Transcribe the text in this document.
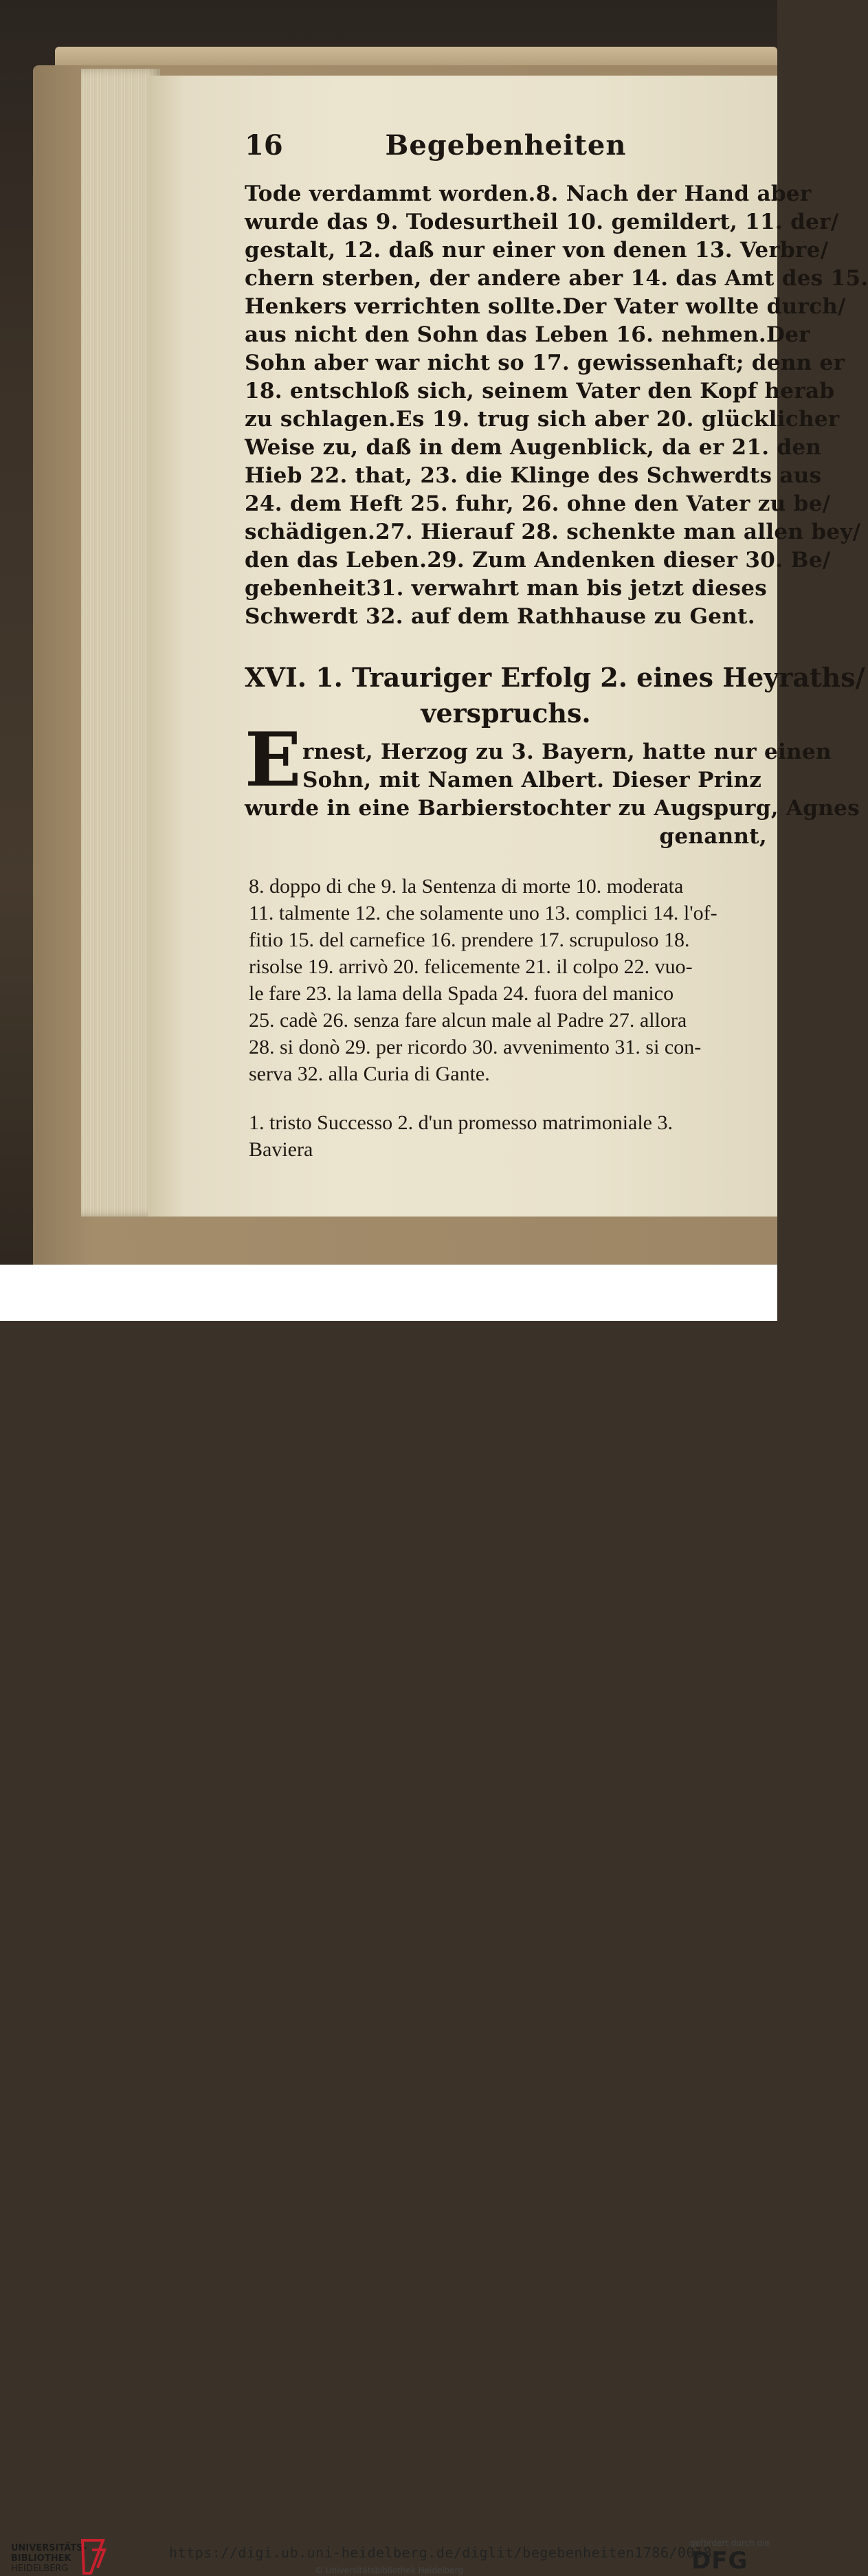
Begebenheiten
16
Tode verdammt worden. 8. Nach der Hand aber
wurde das 9. Todesurtheil 10. gemildert, 11. der/
gestalt, 12. daß nur einer von denen 13. Verbre/
chern sterben, der andere aber 14. das Amt des 15.
Henkers verrichten sollte. Der Vater wollte durch/
aus nicht den Sohn das Leben 16. nehmen. Der
Sohn aber war nicht so 17. gewissenhaft; denn er
18. entschloß sich, seinem Vater den Kopf herab
zu schlagen. Es 19. trug sich aber 20. glücklicher
Weise zu, daß in dem Augenblick, da er 21. den
Hieb 22. that, 23. die Klinge des Schwerdts aus
24. dem Heft 25. fuhr, 26. ohne den Vater zu be/
schädigen. 27. Hierauf 28. schenkte man allen bey/
den das Leben. 29. Zum Andenken dieser 30. Be/
gebenheit 31. verwahrt man bis jetzt dieses
Schwerdt 32. auf dem Rathhause zu Gent.
XVI. 1. Trauriger Erfolg 2. eines Heyraths/
verspruchs.
E rnest, Herzog zu 3. Bayern, hatte nur einen
Sohn, mit Namen Albert. Dieser Prinz
wurde in eine Barbierstochter zu Augspurg, Agnes
genannt,
8. doppo di che 9. la Sentenza di morte 10. moderata
11. talmente 12. che solamente uno 13. complici 14. l'of-
fitio 15. del carnefice 16. prendere 17. scrupuloso 18.
risolse 19. arrivò 20. felicemente 21. il colpo 22. vuo-
le fare 23. la lama della Spada 24. fuora del manico
25. cadè 26. senza fare alcun male al Padre 27. allora
28. si donò 29. per ricordo 30. avvenimento 31. si con-
serva 32. alla Curia di Gante.
1. tristo Successo 2. d'un promesso matrimoniale 3.
Baviera
UNIVERSITÄTS-
BIBLIOTHEK
HEIDELBERG
https://digi.ub.uni-heidelberg.de/diglit/begebenheiten1786/0018
© Universitätsbibliothek Heidelberg
gefördert durch die
DFG
